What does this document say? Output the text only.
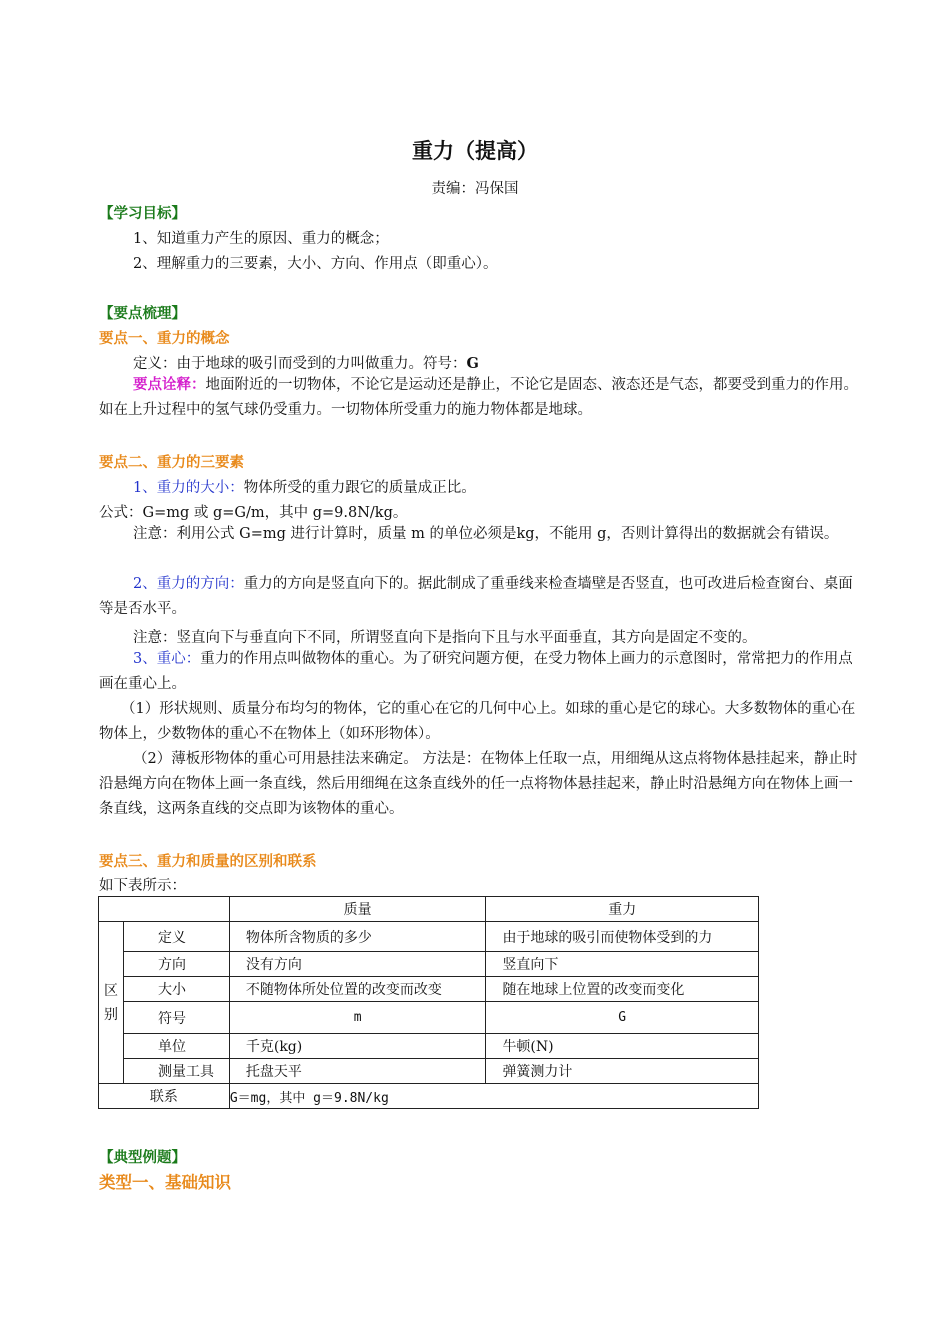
重力（提高）
责编：冯保国
【学习目标】
1、知道重力产生的原因、重力的概念；
2、理解重力的三要素，大小、方向、作用点（即重心）。
【要点梳理】
要点一、重力的概念
定义：由于地球的吸引而受到的力叫做重力。符号：G
要点诠释：地面附近的一切物体，不论它是运动还是静止，不论它是固态、液态还是气态，都要受到重力的作用。如在上升过程中的氢气球仍受重力。一切物体所受重力的施力物体都是地球。
要点二、重力的三要素
1、重力的大小：物体所受的重力跟它的质量成正比。
公式：G=mg 或 g=G/m，其中 g=9.8N/kg。
注意：利用公式 G=mg 进行计算时，质量 m 的单位必须是kg，不能用 g，否则计算得出的数据就会有错误。
2、重力的方向：重力的方向是竖直向下的。据此制成了重垂线来检查墙壁是否竖直，也可改进后检查窗台、桌面等是否水平。
注意：竖直向下与垂直向下不同，所谓竖直向下是指向下且与水平面垂直，其方向是固定不变的。
3、重心：重力的作用点叫做物体的重心。为了研究问题方便，在受力物体上画力的示意图时，常常把力的作用点画在重心上。
（1）形状规则、质量分布均匀的物体，它的重心在它的几何中心上。如球的重心是它的球心。大多数物体的重心在物体上，少数物体的重心不在物体上（如环形物体）。
（2）薄板形物体的重心可用悬挂法来确定。 方法是：在物体上任取一点，用细绳从这点将物体悬挂起来，静止时沿悬绳方向在物体上画一条直线，然后用细绳在这条直线外的任一点将物体悬挂起来，静止时沿悬绳方向在物体上画一条直线，这两条直线的交点即为该物体的重心。
要点三、重力和质量的区别和联系
如下表所示：
		质量	重力
区别	定义	物体所含物质的多少	由于地球的吸引而使物体受到的力
	方向	没有方向	竖直向下
	大小	不随物体所处位置的改变而改变	随在地球上位置的改变而变化
	符号	m	G
	单位	千克(kg)	牛顿(N)
	测量工具	托盘天平	弹簧测力计
联系		G＝mg，其中 g＝9.8N/kg	
【典型例题】
类型一、基础知识
